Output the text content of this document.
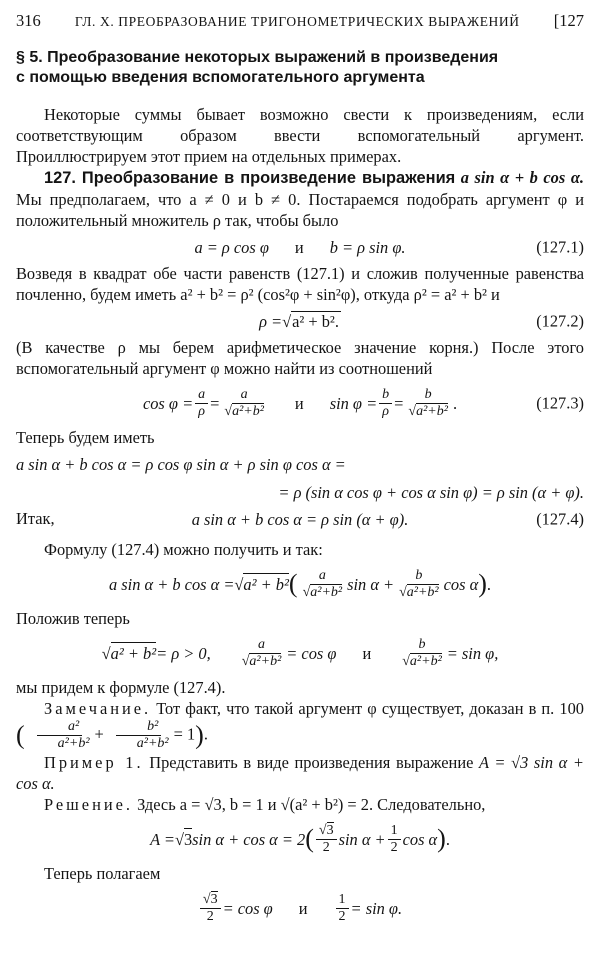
316	ГЛ. X. ПРЕОБРАЗОВАНИЕ ТРИГОНОМЕТРИЧЕСКИХ ВЫРАЖЕНИЙ [127
§ 5. Преобразование некоторых выражений в произведения
с помощью введения вспомогательного аргумента

Некоторые суммы бывает возможно свести к произведениям, если соответствующим образом ввести вспомогательный аргумент. Проиллюстрируем этот прием на отдельных примерах.

127. Преобразование в произведение выражения a sin α + b cos α. Мы предполагаем, что a ≠ 0 и b ≠ 0. Постараемся подобрать аргумент φ и положительный множитель ρ так, чтобы было

a = ρ cos φ и b = ρ sin φ.	(127.1)

Возведя в квадрат обе части равенств (127.1) и сложив полученные равенства почленно, будем иметь a² + b² = ρ² (cos²φ + sin²φ), откуда ρ² = a² + b² и

ρ = √a² + b².	(127.2)

(В качестве ρ мы берем арифметическое значение корня.) После этого вспомогательный аргумент φ можно найти из соотношений

$\cos \varphi = \frac{a}{\rho} = \frac{a}{\text{√a²+b²}}$ и $\sin \varphi = \frac{b}{\rho} = \frac{b}{\text{√a²+b²}}$ .	(127.3)

Теперь будем иметь

a sin α + b cos α = ρ cos φ sin α + ρ sin φ cos α =
= ρ (sin α cos φ + cos α sin φ) = ρ sin (α + φ).

Итак,	a sin α + b cos α = ρ sin (α + φ).	(127.4)

Формулу (127.4) можно получить и так:

a sin α + b cos α = √ a² + b² ( $\frac{a}{\text{√a²+b²}}$ $\sin \alpha + \frac{b}{\text{√a²+b²}}$ cos α ) .

Положив теперь

√ a² + b² = ρ > 0, $\frac{a}{\text{√a²+b²}} = \cos \varphi$ и $\frac{b}{\text{√a²+b²}} = \sin \varphi$,

мы придем к формуле (127.4).

Замечание. Тот факт, что такой аргумент φ существует, доказан в п. 100 ( $\frac{\text{a²}}{\text{a²+b²}} + \frac{\text{b²}}{\text{a²+b²}} = 1$).

Пример 1. Представить в виде произведения выражение A = √3 sin α + cos α.

Решение. Здесь a = √3, b = 1 и √(a² + b²) = 2. Следовательно,

A = √ 3 sin α + cos α = 2 ( $\frac{√3}{2}$ $\sin \alpha + \frac{1}{2}$ cos α ) .

Теперь полагаем

$\frac{√3}{2} = \cos \varphi$ и $\frac{1}{2} = \sin \varphi$.
